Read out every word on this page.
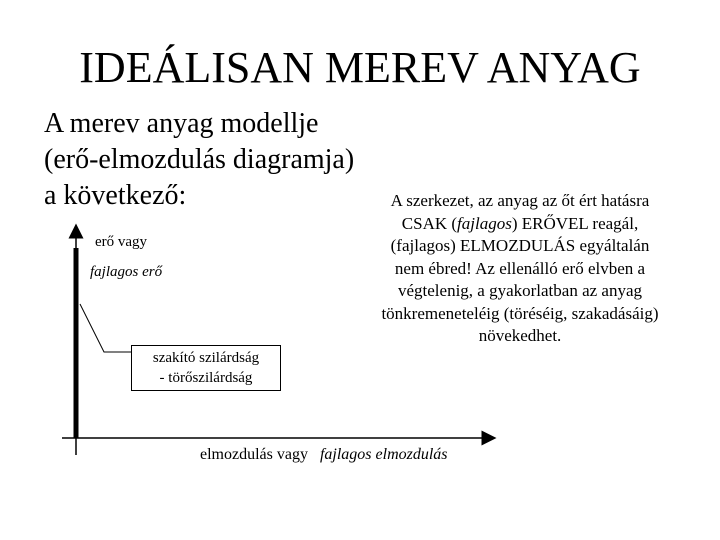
IDEÁLISAN MEREV ANYAG
A merev anyag modellje
(erő-elmozdulás diagramja)
a következő:
erő vagy
fajlagos erő
szakító szilárdság
- törőszilárdság
elmozdulás vagy fajlagos elmozdulás
A szerkezet, az anyag az őt ért hatásra
CSAK (fajlagos) ERŐVEL reagál,
(fajlagos) ELMOZDULÁS egyáltalán
nem ébred! Az ellenálló erő elvben a
végtelenig, a gyakorlatban az anyag
tönkremeneteléig (töréséig, szakadásáig)
növekedhet.
